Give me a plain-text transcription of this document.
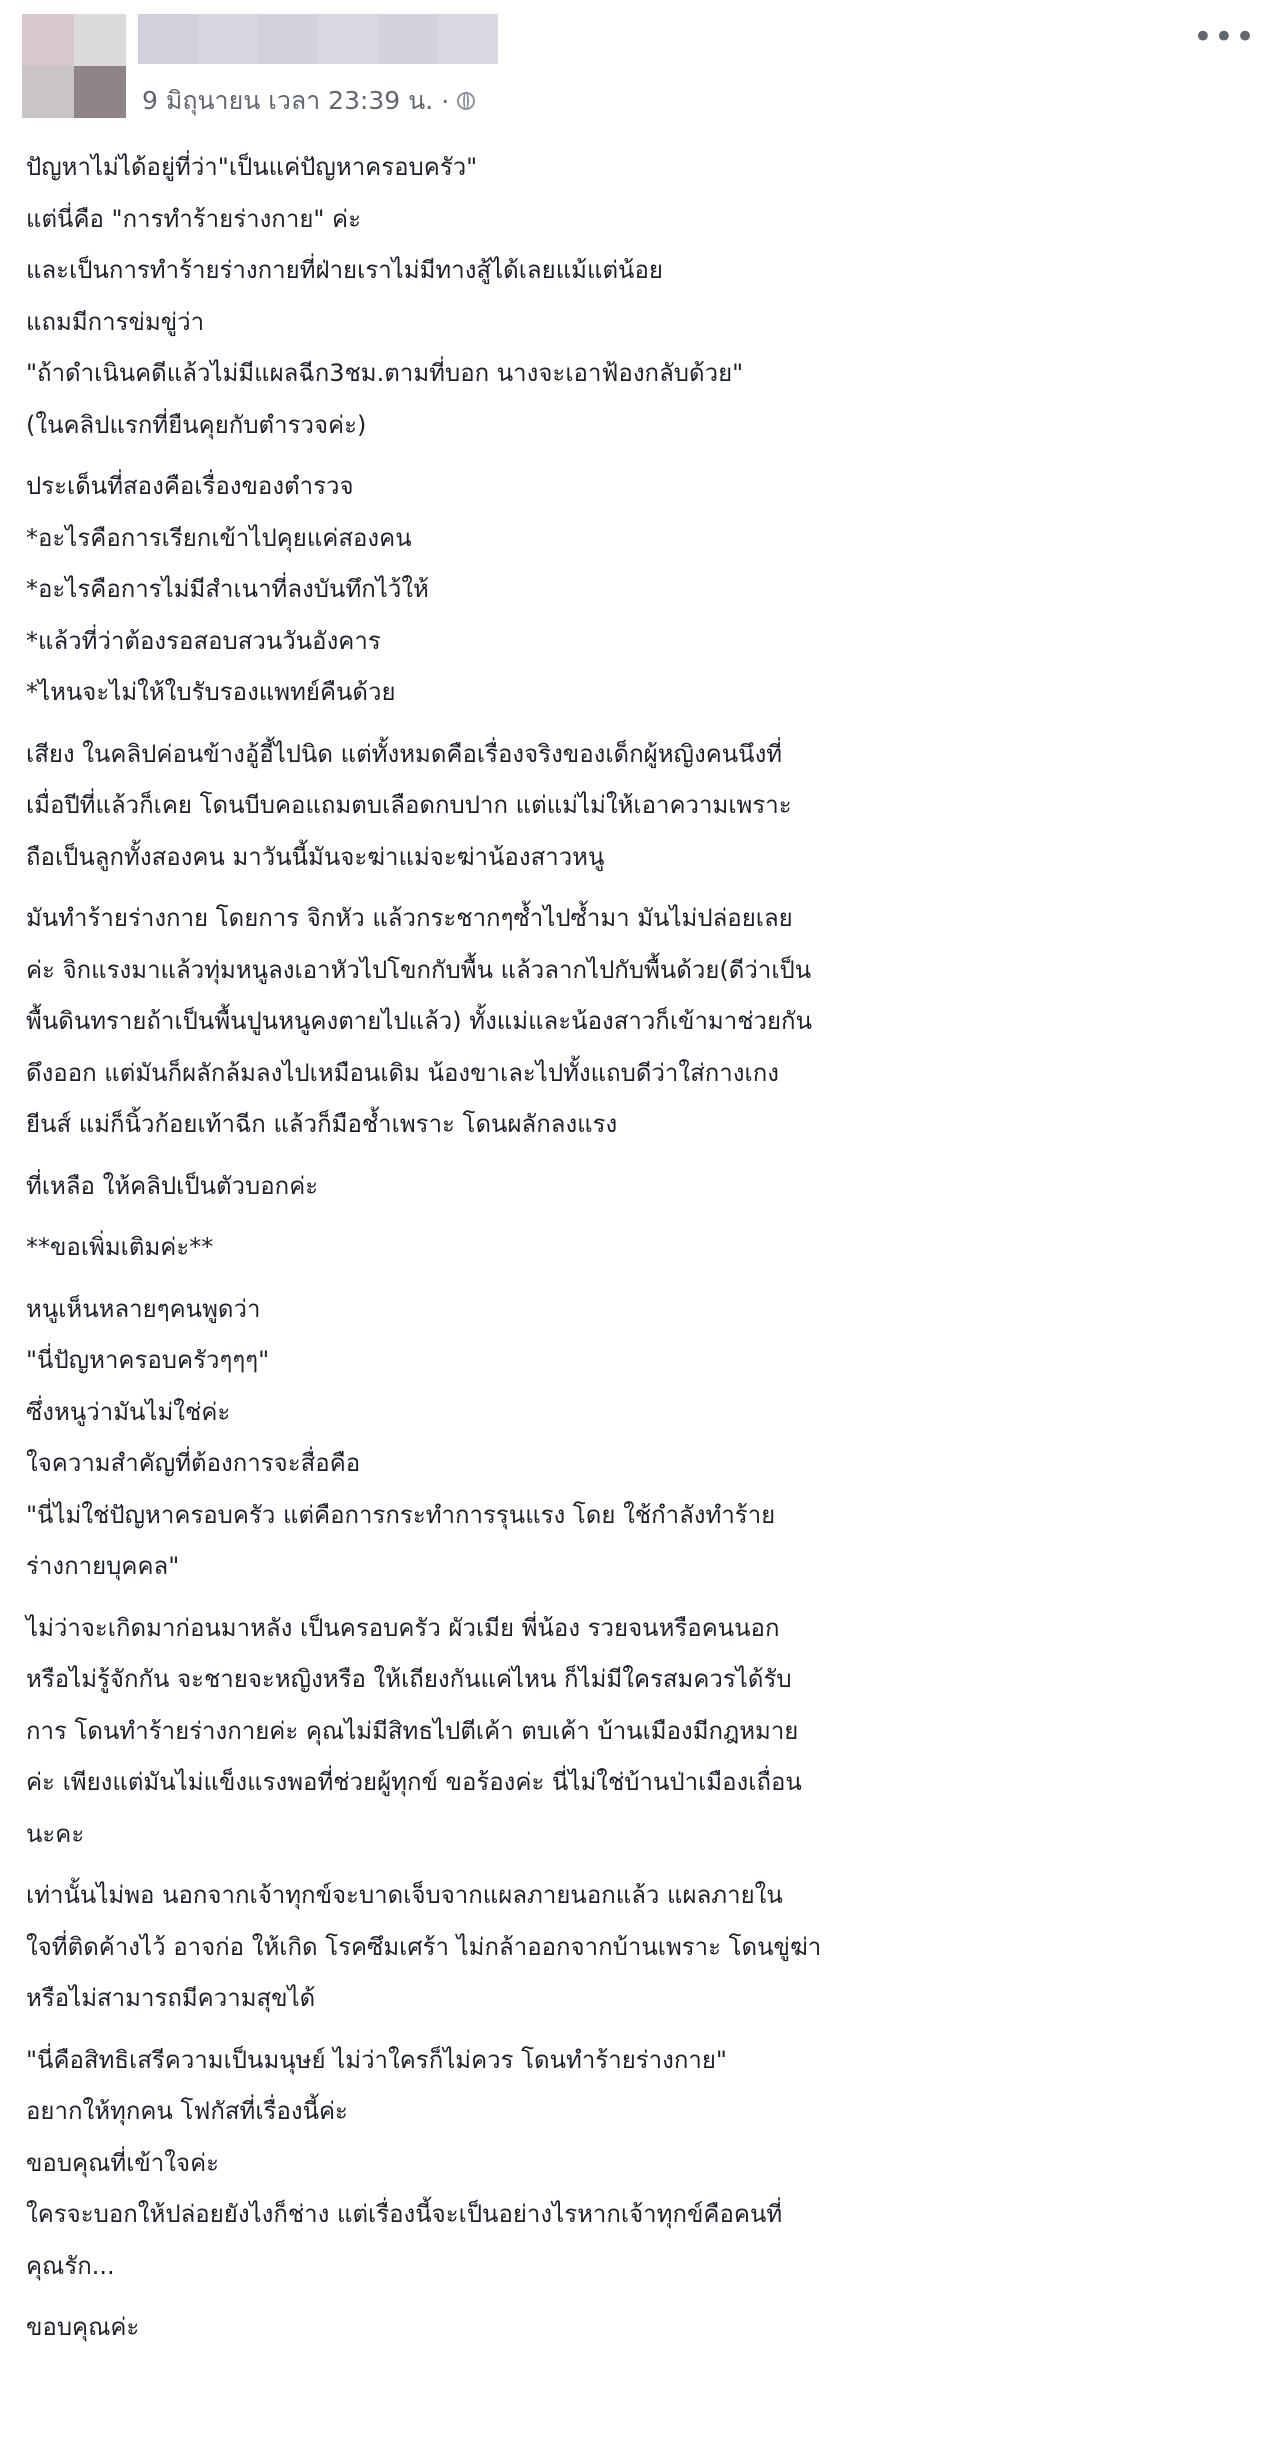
9 มิถุนายน เวลา 23:39 น. ·
•••
ปัญหาไม่ได้อยู่ที่ว่า"เป็นแค่ปัญหาครอบครัว"
แต่นี่คือ "การทำร้ายร่างกาย" ค่ะ
และเป็นการทำร้ายร่างกายที่ฝ่ายเราไม่มีทางสู้ได้เลยแม้แต่น้อย
แถมมีการข่มขู่ว่า
"ถ้าดำเนินคดีแล้วไม่มีแผลฉีก3ชม.ตามที่บอก นางจะเอาฟ้องกลับด้วย"
(ในคลิปแรกที่ยืนคุยกับตำรวจค่ะ)
ประเด็นที่สองคือเรื่องของตำรวจ
*อะไรคือการเรียกเข้าไปคุยแค่สองคน
*อะไรคือการไม่มีสำเนาที่ลงบันทึกไว้ให้
*แล้วที่ว่าต้องรอสอบสวนวันอังคาร
*ไหนจะไม่ให้ใบรับรองแพทย์คืนด้วย
เสียง ในคลิปค่อนข้างอู้อี้ไปนิด แต่ทั้งหมดคือเรื่องจริงของเด็กผู้หญิงคนนึงที่
เมื่อปีที่แล้วก็เคย โดนบีบคอแถมตบเลือดกบปาก แต่แม่ไม่ให้เอาความเพราะ
ถือเป็นลูกทั้งสองคน มาวันนี้มันจะฆ่าแม่จะฆ่าน้องสาวหนู
มันทำร้ายร่างกาย โดยการ จิกหัว แล้วกระชากๆซ้ำไปซ้ำมา มันไม่ปล่อยเลย
ค่ะ จิกแรงมาแล้วทุ่มหนูลงเอาหัวไปโขกกับพื้น แล้วลากไปกับพื้นด้วย(ดีว่าเป็น
พื้นดินทรายถ้าเป็นพื้นปูนหนูคงตายไปแล้ว) ทั้งแม่และน้องสาวก็เข้ามาช่วยกัน
ดึงออก แต่มันก็ผลักล้มลงไปเหมือนเดิม น้องขาเละไปทั้งแถบดีว่าใส่กางเกง
ยีนส์ แม่ก็นิ้วก้อยเท้าฉีก แล้วก็มือช้ำเพราะ โดนผลักลงแรง
ที่เหลือ ให้คลิปเป็นตัวบอกค่ะ
**ขอเพิ่มเติมค่ะ**
หนูเห็นหลายๆคนพูดว่า
"นี่ปัญหาครอบครัวๆๆๆ"
ซึ่งหนูว่ามันไม่ใช่ค่ะ
ใจความสำคัญที่ต้องการจะสื่อคือ
"นี่ไม่ใช่ปัญหาครอบครัว แต่คือการกระทำการรุนแรง โดย ใช้กำลังทำร้าย
ร่างกายบุคคล"
ไม่ว่าจะเกิดมาก่อนมาหลัง เป็นครอบครัว ผัวเมีย พี่น้อง รวยจนหรือคนนอก
หรือไม่รู้จักกัน จะชายจะหญิงหรือ ให้เถียงกันแค่ไหน ก็ไม่มีใครสมควรได้รับ
การ โดนทำร้ายร่างกายค่ะ คุณไม่มีสิทธไปตีเค้า ตบเค้า บ้านเมืองมีกฎหมาย
ค่ะ เพียงแต่มันไม่แข็งแรงพอที่ช่วยผู้ทุกข์ ขอร้องค่ะ นี่ไม่ใช่บ้านป่าเมืองเถื่อน
นะคะ
เท่านั้นไม่พอ นอกจากเจ้าทุกข์จะบาดเจ็บจากแผลภายนอกแล้ว แผลภายใน
ใจที่ติดค้างไว้ อาจก่อ ให้เกิด โรคซึมเศร้า ไม่กล้าออกจากบ้านเพราะ โดนขู่ฆ่า
หรือไม่สามารถมีความสุขได้
"นี่คือสิทธิเสรีความเป็นมนุษย์ ไม่ว่าใครก็ไม่ควร โดนทำร้ายร่างกาย"
อยากให้ทุกคน โฟกัสที่เรื่องนี้ค่ะ
ขอบคุณที่เข้าใจค่ะ
ใครจะบอกให้ปล่อยยังไงก็ช่าง แต่เรื่องนี้จะเป็นอย่างไรหากเจ้าทุกข์คือคนที่
คุณรัก...
ขอบคุณค่ะ
